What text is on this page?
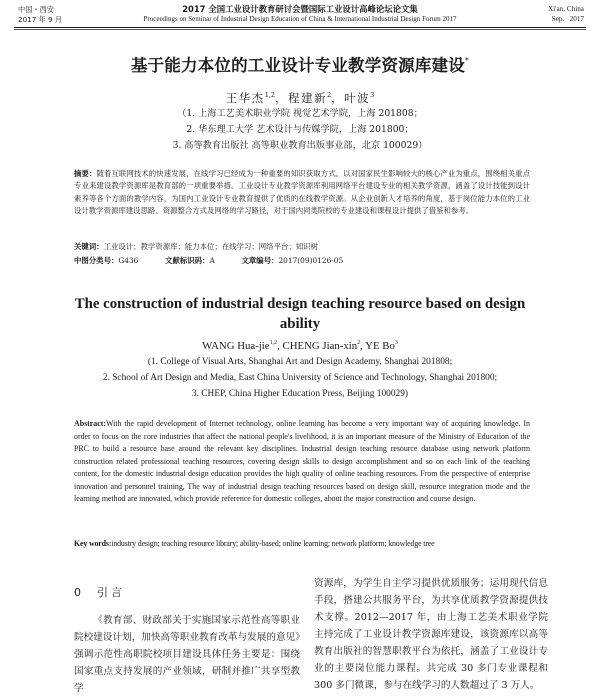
中国・西安
2017 年 9 月
2017 全国工业设计教育研讨会暨国际工业设计高峰论坛论文集
Proceedings on Seminar of Industrial Design Education of China & International Industrial Design Forum 2017
Xi'an, China
Sep.   2017
基于能力本位的工业设计专业教学资源库建设*
王华杰$^{1,2}$，程建新$^2$，叶波$^3$
（1. 上海工艺美术职业学院 视觉艺术学院，上海 201808；
2. 华东理工大学 艺术设计与传媒学院，上海 201800；
3. 高等教育出版社 高等职业教育出版事业部，北京 100029）
摘要：随着互联网技术的快速发展，在线学习已经成为一种重要的知识获取方式。以对国家民生影响较大的核心产业为重点，围绕相关重点专业来建设教学资源库是教育部的一项重要举措。工业设计专业教学资源库利用网络平台建设专业的相关教学资源，涵盖了设计技能到设计素养等各个方面的教学内容，为国内工业设计专业教育提供了优质的在线教学资源。从企业创新人才培养的角度，基于岗位能力本位的工业设计教学资源库建设思路、资源整合方式及网络的学习路径，对于国内同类院校的专业建设和课程设计提供了借鉴和参考。
关键词：工业设计；教学资源库；能力本位；在线学习；网络平台；知识树
中图分类号：G436	文献标识码：A	文章编号：2017(09)0126-05
The construction of industrial design teaching resource based on design ability
WANG Hua-jie$^{1,2}$, CHENG Jian-xin$^2$, YE Bo$^3$
(1. College of Visual Arts, Shanghai Art and Design Academy, Shanghai 201808;
2. School of Art Design and Media, East China University of Science and Technology, Shanghai 201800;
3. CHEP, China Higher Education Press, Beijing 100029)
Abstract:With the rapid development of Internet technology, online learning has become a very important way of acquiring knowledge. In order to focus on the core industries that affect the national people's livelihood, it is an important measure of the Ministry of Education of the PRC to build a resource base around the relevant key disciplines. Industrial design teaching resource database using network platform construction related professional teaching resources, covering design skills to design accomplishment and so on each link of the teaching content, for the domestic industrial design education provides the high quality of online teaching resources. From the perspective of enterprise innovation and personnel training, The way of industrial design teaching resources based on design skill, resource integration mode and the learning method are innovated, which provide reference for domestic colleges, about the major construction and course design.
Key words:industry design; teaching resource library; ability-based; online learning; network platform; knowledge tree
0 引言
《教育部、财政部关于实施国家示范性高等职业院校建设计划，加快高等职业教育改革与发展的意见》强调示范性高职院校项目建设具体任务主要是：围绕国家重点支持发展的产业领域，研制并推广共享型教学
资源库，为学生自主学习提供优质服务；运用现代信息手段，搭建公共服务平台，为共享优质教学资源提供技术支撑。2012—2017 年，由上海工艺美术职业学院主持完成了工业设计教学资源库建设，该资源库以高等教育出版社的智慧职教平台为依托，涵盖了工业设计专业的主要岗位能力课程。共完成 30 多门专业课程和 300 多门微课，参与在线学习的人数超过了 3 万人。
